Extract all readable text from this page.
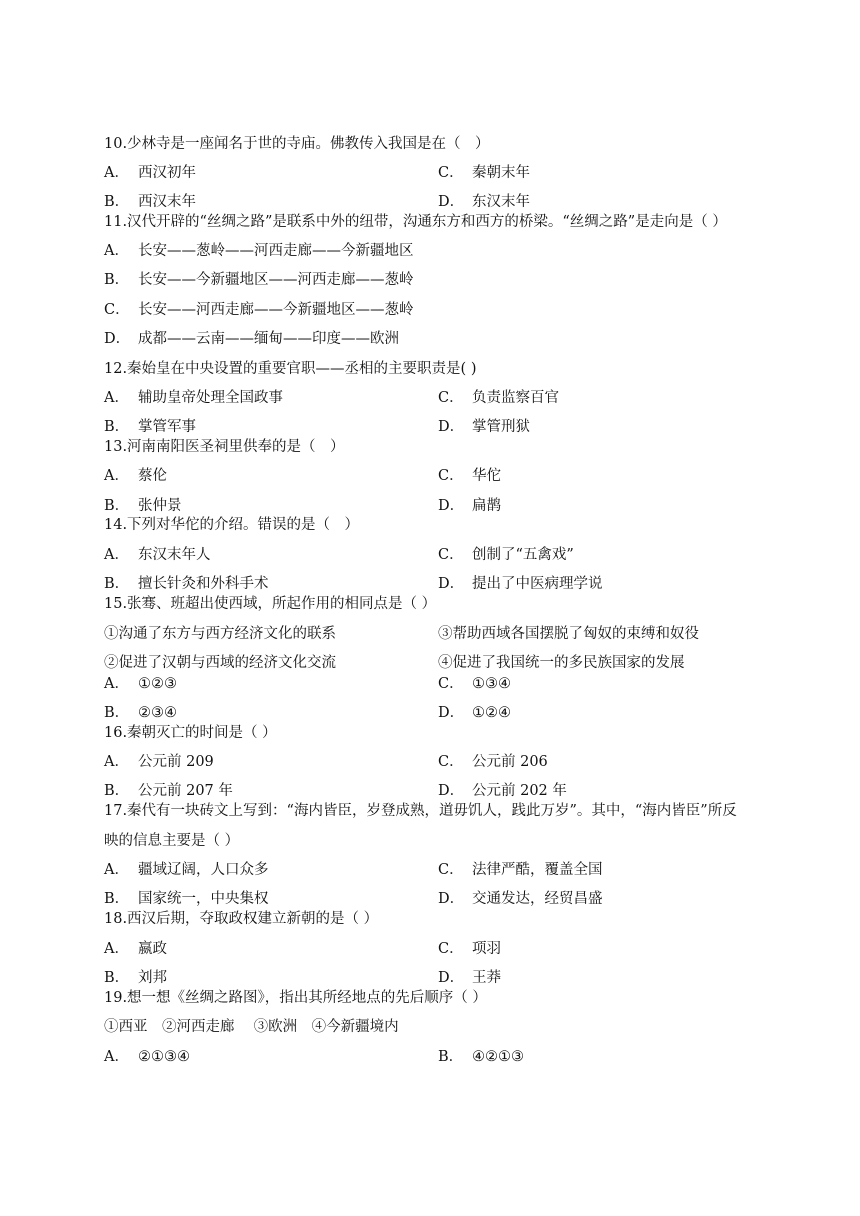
10.少林寺是一座闻名于世的寺庙。佛教传入我国是在（　）
A． 西汉初年	C． 秦朝末年
B． 西汉末年	D． 东汉末年
11.汉代开辟的“丝绸之路”是联系中外的纽带，沟通东方和西方的桥梁。“丝绸之路”是走向是（ ）
A． 长安——葱岭——河西走廊——今新疆地区
B． 长安——今新疆地区——河西走廊——葱岭
C． 长安——河西走廊——今新疆地区——葱岭
D． 成都——云南——缅甸——印度——欧洲
12.秦始皇在中央设置的重要官职——丞相的主要职责是( )
A． 辅助皇帝处理全国政事	C． 负责监察百官
B． 掌管军事	D． 掌管刑狱
13.河南南阳医圣祠里供奉的是（　）
A． 蔡伦	C． 华佗
B． 张仲景	D． 扁鹊
14.下列对华佗的介绍。错误的是（　）
A． 东汉末年人	C． 创制了“五禽戏”
B． 擅长针灸和外科手术	D． 提出了中医病理学说
15.张骞、班超出使西域，所起作用的相同点是（ ）
①沟通了东方与西方经济文化的联系	③帮助西域各国摆脱了匈奴的束缚和奴役
②促进了汉朝与西域的经济文化交流	④促进了我国统一的多民族国家的发展
A． ①②③	C． ①③④
B． ②③④	D． ①②④
16.秦朝灭亡的时间是（ ）
A． 公元前 209	C． 公元前 206
B． 公元前 207 年	D． 公元前 202 年
17.秦代有一块砖文上写到：“海内皆臣，岁登成熟，道毋饥人，践此万岁”。其中，“海内皆臣”所反
映的信息主要是（ ）
A． 疆域辽阔，人口众多	C． 法律严酷，覆盖全国
B． 国家统一，中央集权	D． 交通发达，经贸昌盛
18.西汉后期，夺取政权建立新朝的是（ ）
A． 嬴政	C． 项羽
B． 刘邦	D． 王莽
19.想一想《丝绸之路图》，指出其所经地点的先后顺序（ ）
①西亚　②河西走廊　 ③欧洲　④今新疆境内
A． ②①③④	B． ④②①③
